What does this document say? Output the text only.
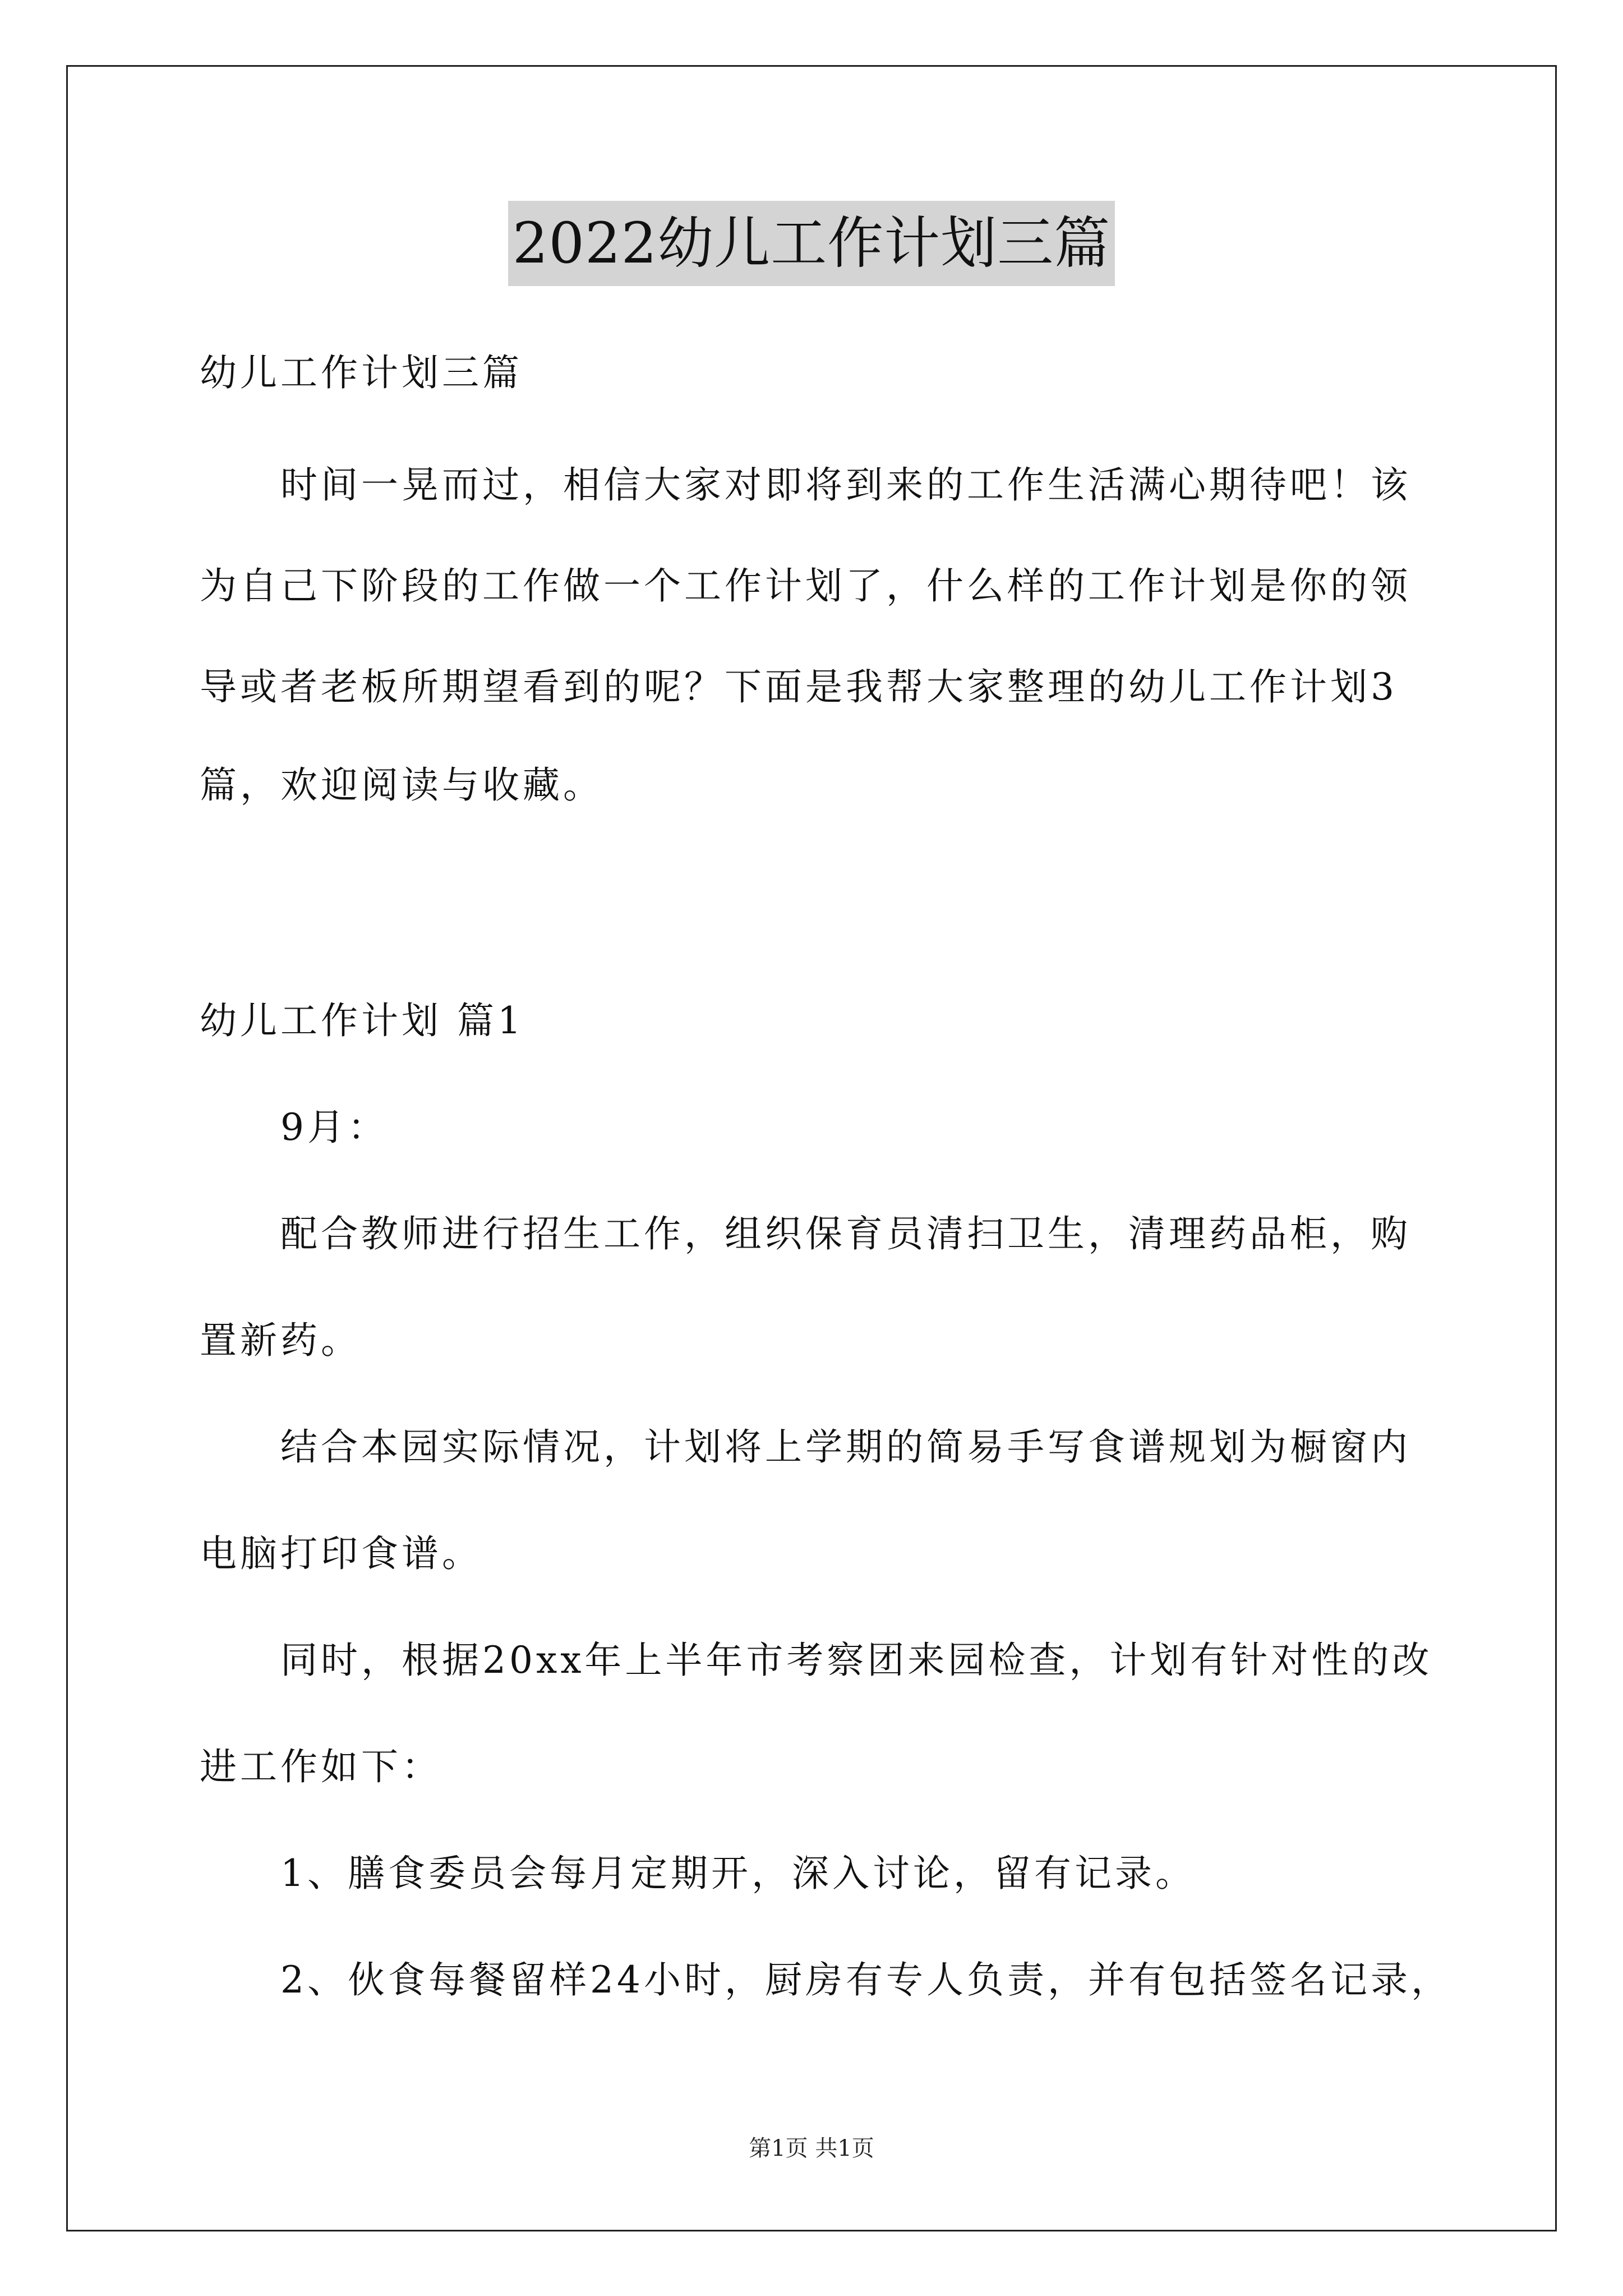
2022幼儿工作计划三篇
幼儿工作计划三篇
时间一晃而过，相信大家对即将到来的工作生活满心期待吧！该
为自己下阶段的工作做一个工作计划了，什么样的工作计划是你的领
导或者老板所期望看到的呢？下面是我帮大家整理的幼儿工作计划3
篇，欢迎阅读与收藏。
幼儿工作计划 篇1
9月：
配合教师进行招生工作，组织保育员清扫卫生，清理药品柜，购
置新药。
结合本园实际情况，计划将上学期的简易手写食谱规划为橱窗内
电脑打印食谱。
同时，根据20xx年上半年市考察团来园检查，计划有针对性的改
进工作如下：
1、膳食委员会每月定期开，深入讨论，留有记录。
2、伙食每餐留样24小时，厨房有专人负责，并有包括签名记录，
第1页 共1页
